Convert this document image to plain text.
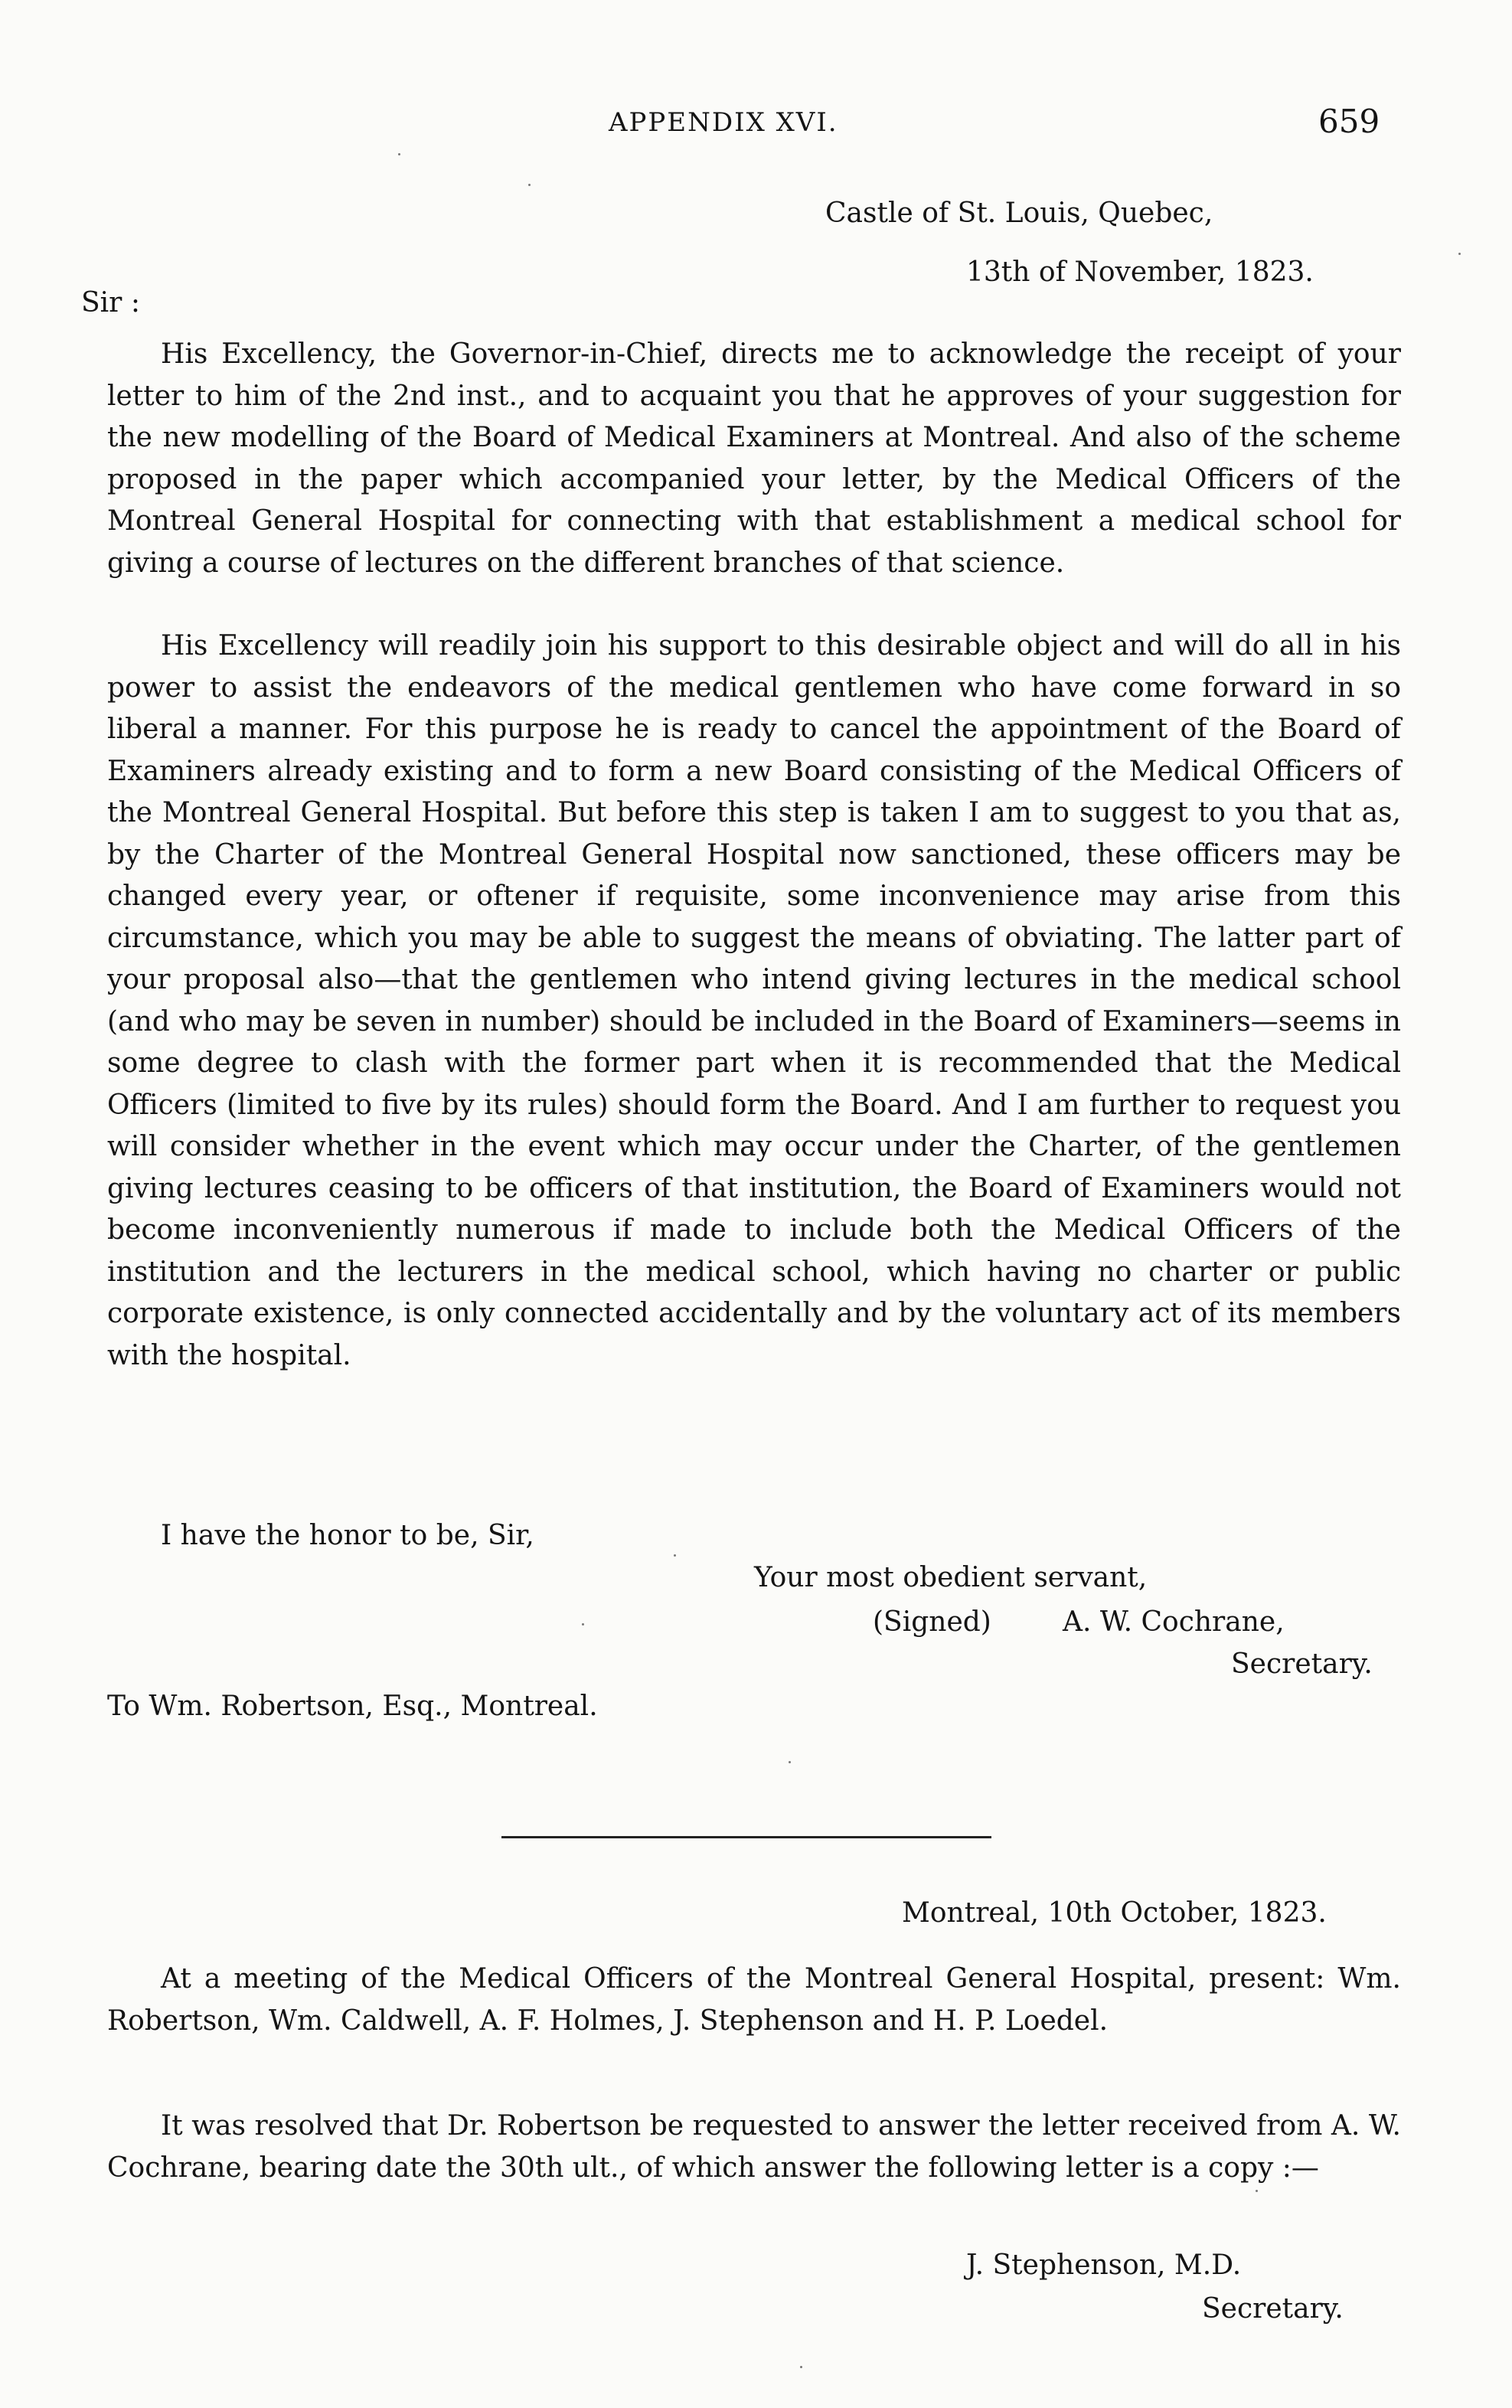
APPENDIX XVI.	659
Castle of St. Louis, Quebec,
13th of November, 1823.
Sir :

His Excellency, the Governor-in-Chief, directs me to acknowledge the receipt of your letter to him of the 2nd inst., and to acquaint you that he approves of your suggestion for the new modelling of the Board of Medical Examiners at Montreal. And also of the scheme proposed in the paper which accompanied your letter, by the Medical Officers of the Montreal General Hospital for connecting with that establishment a medical school for giving a course of lectures on the different branches of that science.

His Excellency will readily join his support to this desirable object and will do all in his power to assist the endeavors of the medical gentlemen who have come forward in so liberal a manner. For this purpose he is ready to cancel the appointment of the Board of Examiners already existing and to form a new Board consisting of the Medical Officers of the Montreal General Hospital. But before this step is taken I am to suggest to you that as, by the Charter of the Montreal General Hospital now sanctioned, these officers may be changed every year, or oftener if requisite, some inconvenience may arise from this circumstance, which you may be able to suggest the means of obviating. The latter part of your proposal also—that the gentlemen who intend giving lectures in the medical school (and who may be seven in number) should be included in the Board of Examiners—seems in some degree to clash with the former part when it is recommended that the Medical Officers (limited to five by its rules) should form the Board. And I am further to request you will consider whether in the event which may occur under the Charter, of the gentlemen giving lectures ceasing to be officers of that institution, the Board of Examiners would not become inconveniently numerous if made to include both the Medical Officers of the institution and the lecturers in the medical school, which having no charter or public corporate existence, is only connected accidentally and by the voluntary act of its members with the hospital.

I have the honor to be, Sir,
Your most obedient servant,
(Signed)	A. W. Cochrane,
Secretary.
To Wm. Robertson, Esq., Montreal.
Montreal, 10th October, 1823.

At a meeting of the Medical Officers of the Montreal General Hospital, present: Wm. Robertson, Wm. Caldwell, A. F. Holmes, J. Stephenson and H. P. Loedel.

It was resolved that Dr. Robertson be requested to answer the letter received from A. W. Cochrane, bearing date the 30th ult., of which answer the following letter is a copy :—

J. Stephenson, M.D.
Secretary.
